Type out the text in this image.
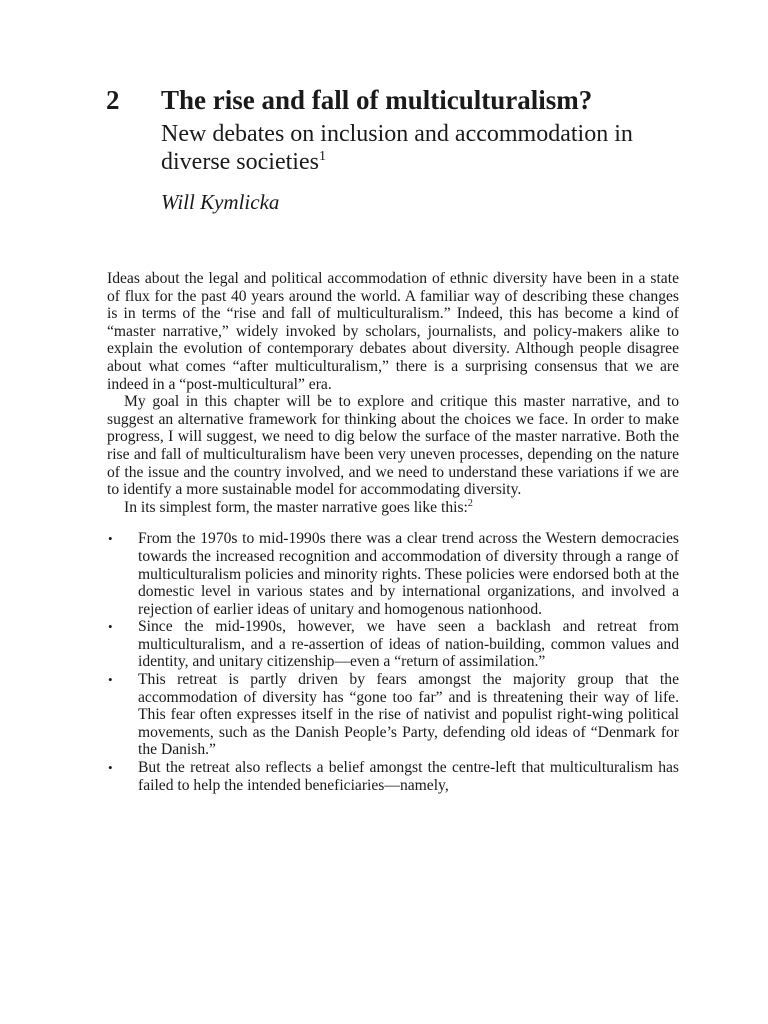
2 The rise and fall of multiculturalism?
New debates on inclusion and accommodation in diverse societies$^1$
Will Kymlicka

Ideas about the legal and political accommodation of ethnic diversity have been in a state of flux for the past 40 years around the world. A familiar way of describing these changes is in terms of the “rise and fall of multiculturalism.” Indeed, this has become a kind of “master narrative,” widely invoked by scholars, journalists, and policy-makers alike to explain the evolution of contemporary debates about diversity. Although people disagree about what comes “after multiculturalism,” there is a surprising consensus that we are indeed in a “post-multicultural” era.

My goal in this chapter will be to explore and critique this master narrative, and to suggest an alternative framework for thinking about the choices we face. In order to make progress, I will suggest, we need to dig below the surface of the master narrative. Both the rise and fall of multiculturalism have been very uneven processes, depending on the nature of the issue and the country involved, and we need to understand these variations if we are to identify a more sustainable model for accommodating diversity.

In its simplest form, the master narrative goes like this:$^2$

• From the 1970s to mid-1990s there was a clear trend across the Western democracies towards the increased recognition and accommodation of diversity through a range of multiculturalism policies and minority rights. These policies were endorsed both at the domestic level in various states and by international organizations, and involved a rejection of earlier ideas of unitary and homogenous nationhood.
• Since the mid-1990s, however, we have seen a backlash and retreat from multiculturalism, and a re-assertion of ideas of nation-building, common values and identity, and unitary citizenship—even a “return of assimilation.”
• This retreat is partly driven by fears amongst the majority group that the accommodation of diversity has “gone too far” and is threatening their way of life. This fear often expresses itself in the rise of nativist and populist right-wing political movements, such as the Danish People’s Party, defending old ideas of “Denmark for the Danish.”
• But the retreat also reflects a belief amongst the centre-left that multiculturalism has failed to help the intended beneficiaries—namely,
